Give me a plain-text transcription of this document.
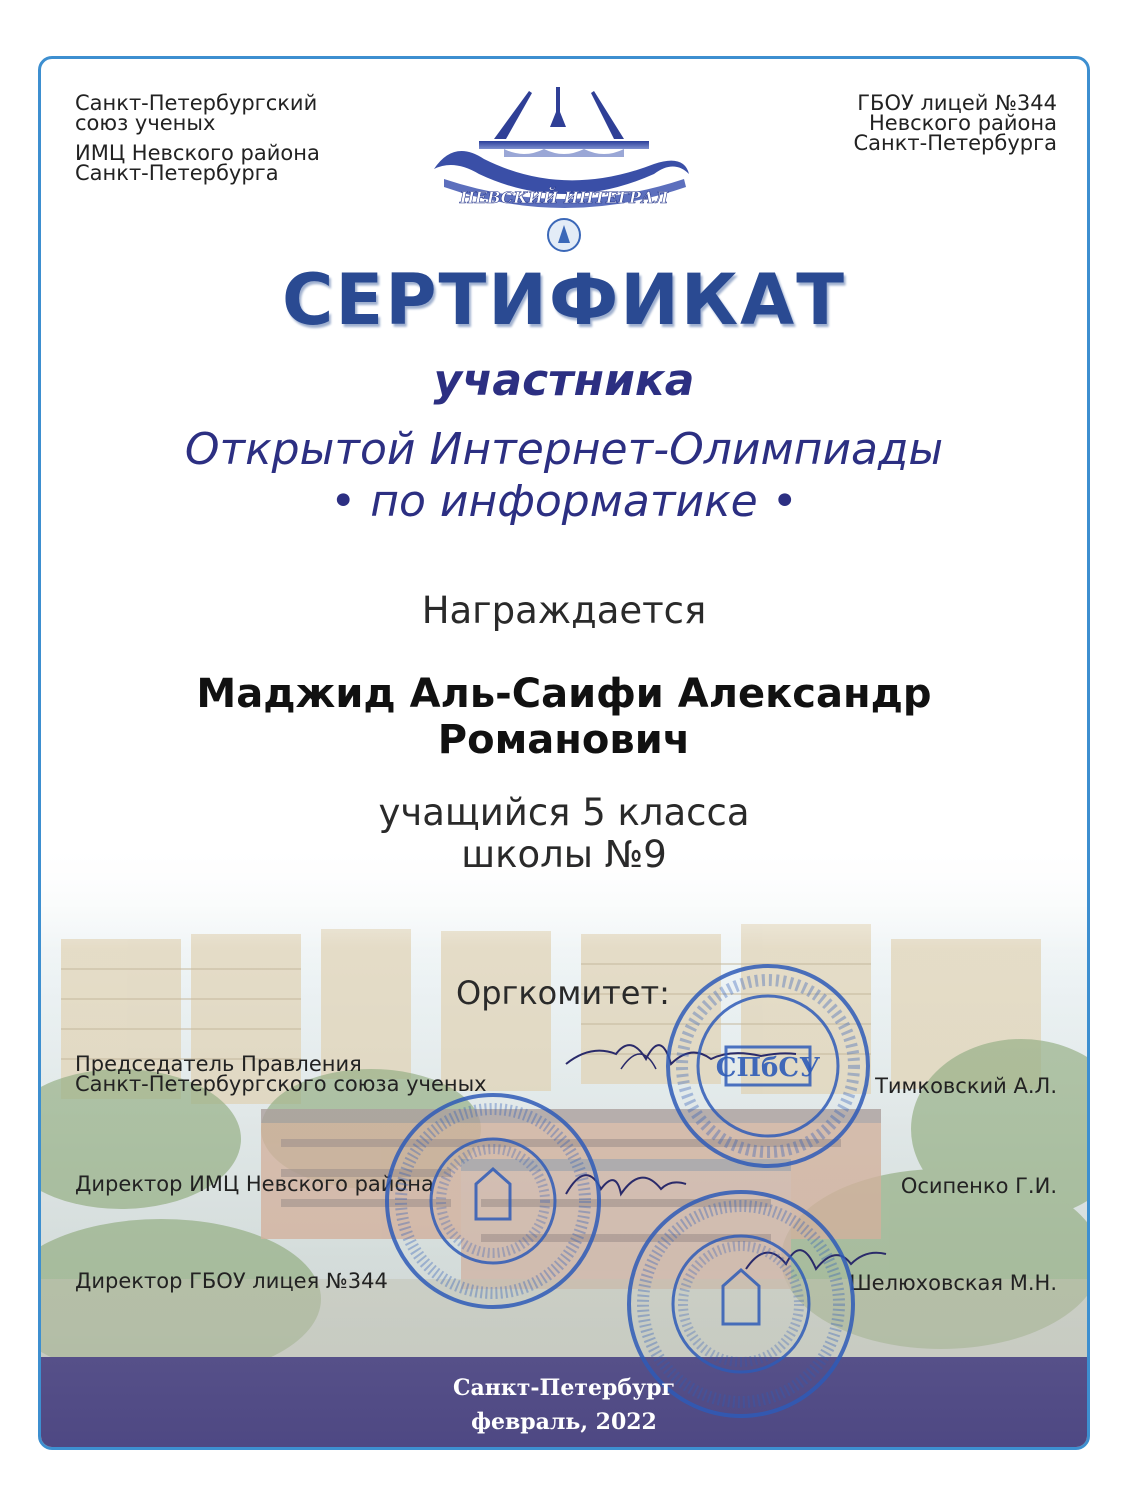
Санкт-Петербургский
союз ученых
ИМЦ Невского района
Санкт-Петербурга
ГБОУ лицей №344
Невского района
Санкт-Петербурга
НЕВСКИЙ ИНТЕГРАЛ
СЕРТИФИКАТ
участника
Открытой Интернет-Олимпиады
• по информатике •
Награждается
Маджид Аль-Саифи Александр
Романович
учащийся 5 класса
школы №9
Оргкомитет:
Председатель Правления
Санкт-Петербургского союза ученых	Тимковский А.Л.
Директор ИМЦ Невского района	Осипенко Г.И.
Директор ГБОУ лицея №344	Шелюховская М.Н.
СПбСУ
Санкт-Петербург
февраль, 2022
